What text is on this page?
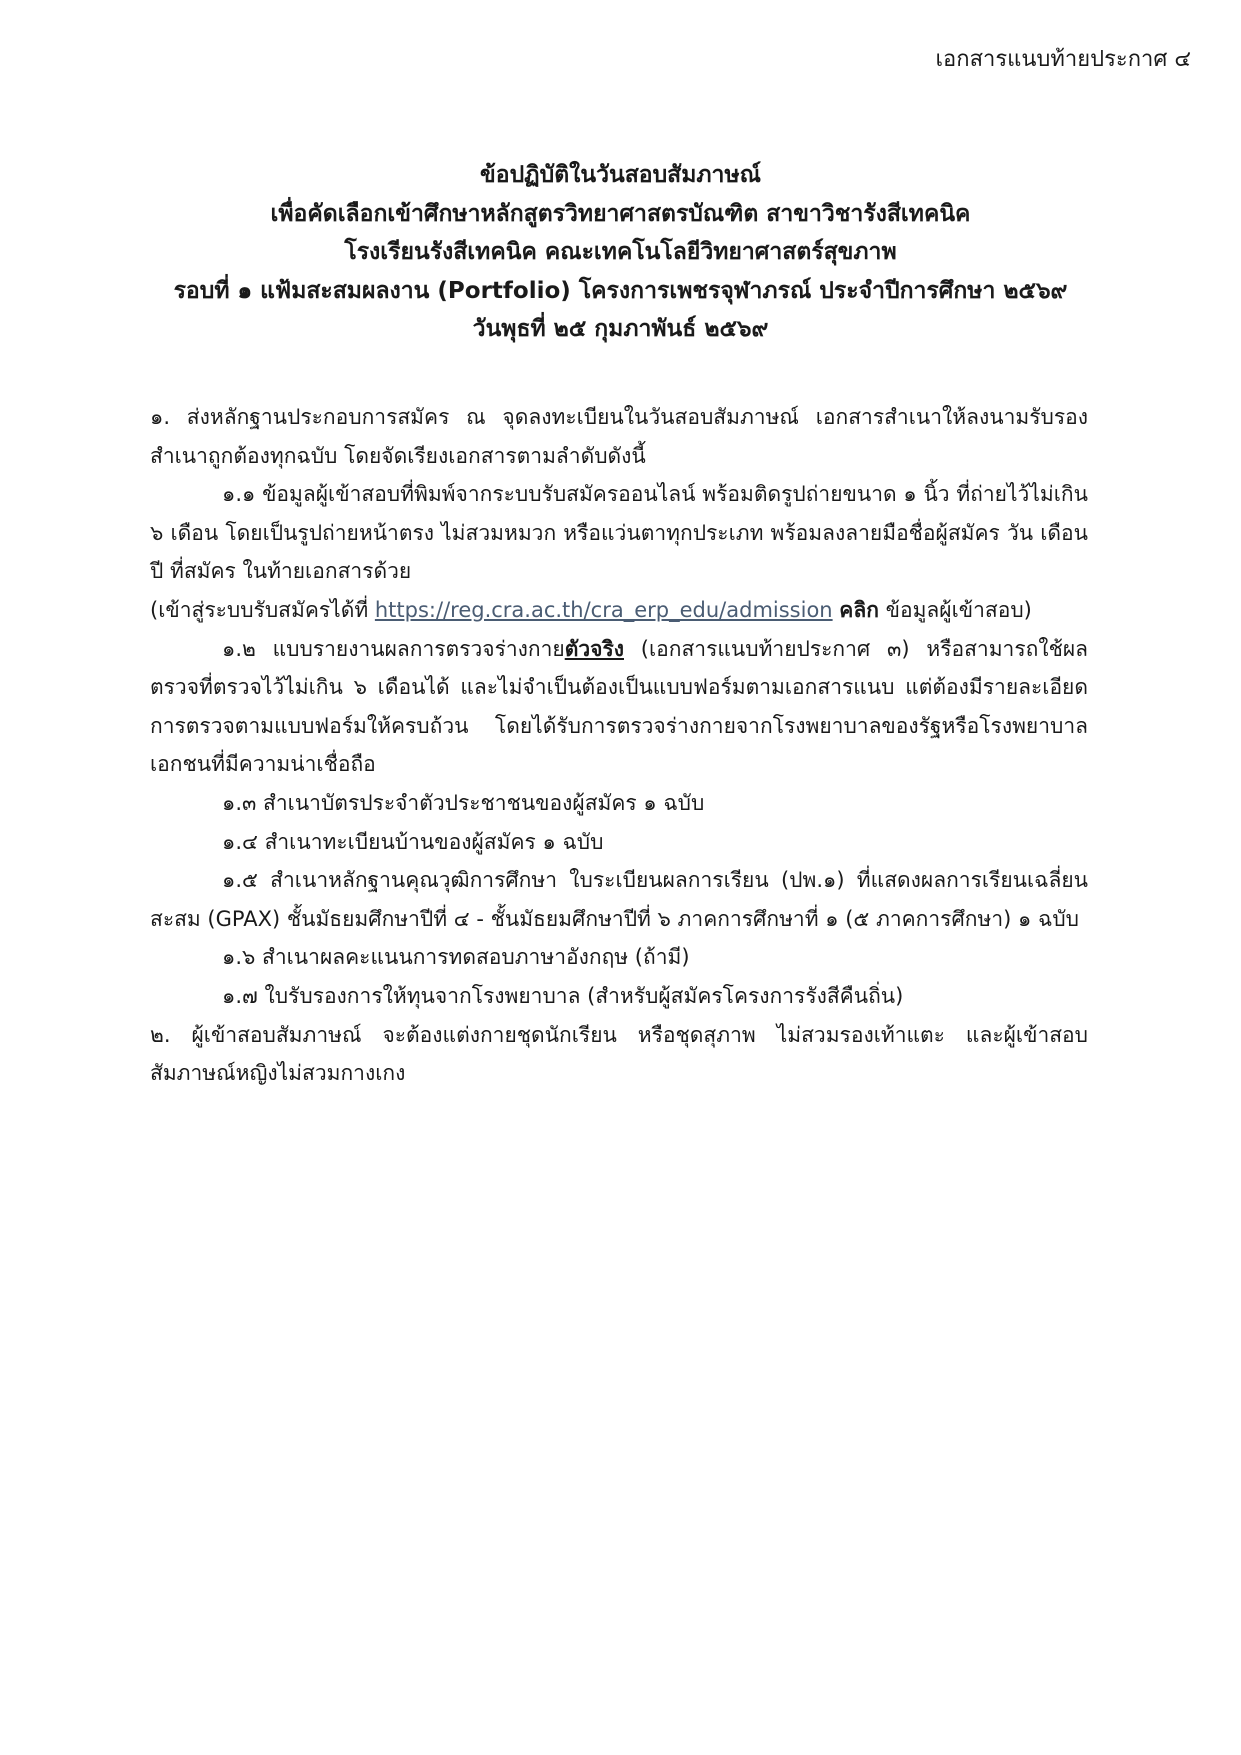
เอกสารแนบท้ายประกาศ ๔
ข้อปฏิบัติในวันสอบสัมภาษณ์
เพื่อคัดเลือกเข้าศึกษาหลักสูตรวิทยาศาสตรบัณฑิต สาขาวิชารังสีเทคนิค
โรงเรียนรังสีเทคนิค คณะเทคโนโลยีวิทยาศาสตร์สุขภาพ
รอบที่ ๑ แฟ้มสะสมผลงาน (Portfolio) โครงการเพชรจุฬาภรณ์ ประจำปีการศึกษา ๒๕๖๙
วันพุธที่ ๒๕ กุมภาพันธ์ ๒๕๖๙

๑. ส่งหลักฐานประกอบการสมัคร ณ จุดลงทะเบียนในวันสอบสัมภาษณ์ เอกสารสำเนาให้ลงนามรับรองสำเนาถูกต้องทุกฉบับ โดยจัดเรียงเอกสารตามลำดับดังนี้

๑.๑ ข้อมูลผู้เข้าสอบที่พิมพ์จากระบบรับสมัครออนไลน์ พร้อมติดรูปถ่ายขนาด ๑ นิ้ว ที่ถ่ายไว้ไม่เกิน ๖ เดือน โดยเป็นรูปถ่ายหน้าตรง ไม่สวมหมวก หรือแว่นตาทุกประเภท พร้อมลงลายมือชื่อผู้สมัคร วัน เดือน ปี ที่สมัคร ในท้ายเอกสารด้วย

(เข้าสู่ระบบรับสมัครได้ที่ https://reg.cra.ac.th/cra_erp_edu/admission คลิก ข้อมูลผู้เข้าสอบ)

๑.๒ แบบรายงานผลการตรวจร่างกายตัวจริง (เอกสารแนบท้ายประกาศ ๓) หรือสามารถใช้ผลตรวจที่ตรวจไว้ไม่เกิน ๖ เดือนได้ และไม่จำเป็นต้องเป็นแบบฟอร์มตามเอกสารแนบ แต่ต้องมีรายละเอียดการตรวจตามแบบฟอร์มให้ครบถ้วน โดยได้รับการตรวจร่างกายจากโรงพยาบาลของรัฐหรือโรงพยาบาลเอกชนที่มีความน่าเชื่อถือ

๑.๓ สำเนาบัตรประจำตัวประชาชนของผู้สมัคร ๑ ฉบับ

๑.๔ สำเนาทะเบียนบ้านของผู้สมัคร ๑ ฉบับ

๑.๕ สำเนาหลักฐานคุณวุฒิการศึกษา ใบระเบียนผลการเรียน (ปพ.๑) ที่แสดงผลการเรียนเฉลี่ยนสะสม (GPAX) ชั้นมัธยมศึกษาปีที่ ๔ - ชั้นมัธยมศึกษาปีที่ ๖ ภาคการศึกษาที่ ๑ (๕ ภาคการศึกษา) ๑ ฉบับ

๑.๖ สำเนาผลคะแนนการทดสอบภาษาอังกฤษ (ถ้ามี)

๑.๗ ใบรับรองการให้ทุนจากโรงพยาบาล (สำหรับผู้สมัครโครงการรังสีคืนถิ่น)

๒. ผู้เข้าสอบสัมภาษณ์ จะต้องแต่งกายชุดนักเรียน หรือชุดสุภาพ ไม่สวมรองเท้าแตะ และผู้เข้าสอบสัมภาษณ์หญิงไม่สวมกางเกง
